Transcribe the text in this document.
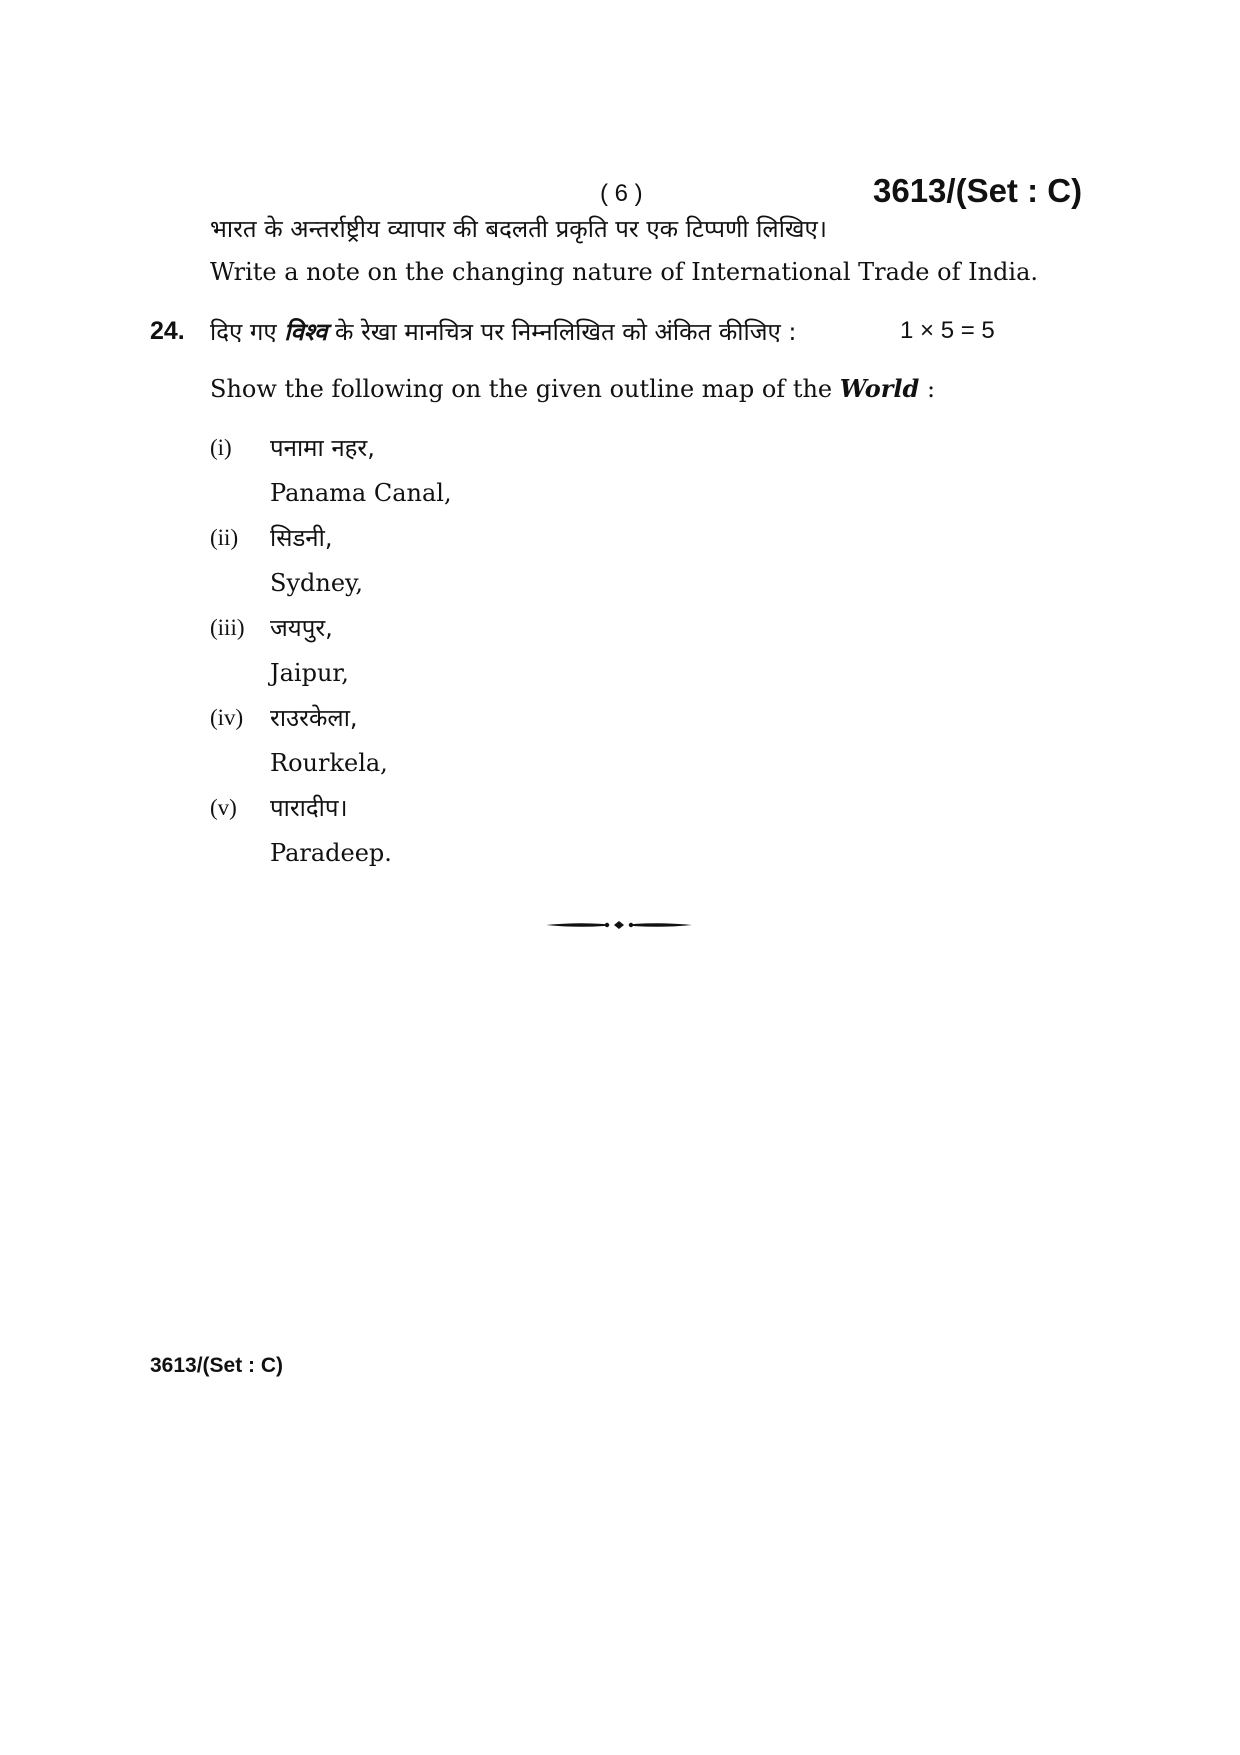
( 6 )	3613/(Set : C)
भारत के अन्तर्राष्ट्रीय व्यापार की बदलती प्रकृति पर एक टिप्पणी लिखिए।
Write a note on the changing nature of International Trade of India.
24. दिए गए विश्व के रेखा मानचित्र पर निम्नलिखित को अंकित कीजिए :	1 × 5 = 5
Show the following on the given outline map of the World :
(i) पनामा नहर,
Panama Canal,
(ii) सिडनी,
Sydney,
(iii) जयपुर,
Jaipur,
(iv) राउरकेला,
Rourkela,
(v) पारादीप।
Paradeep.
3613/(Set : C)
